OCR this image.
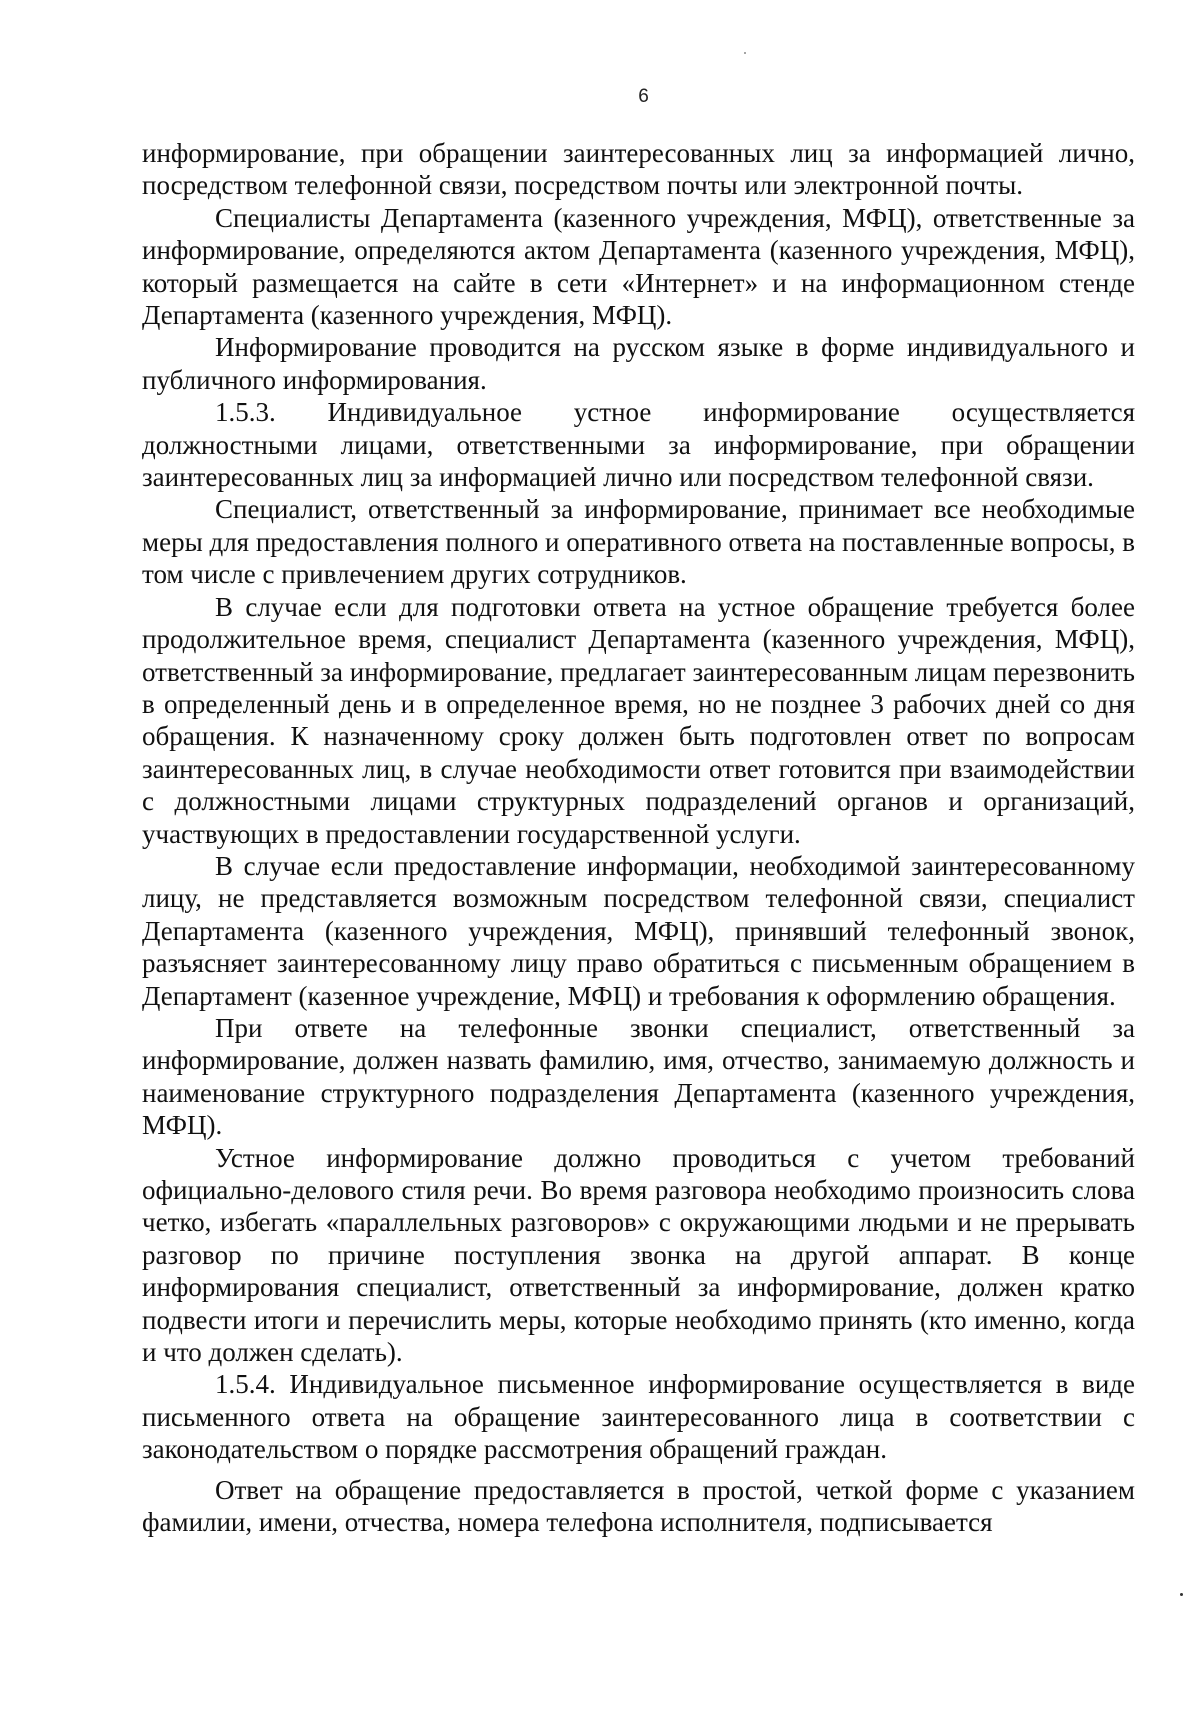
6

информирование, при обращении заинтересованных лиц за информацией лично, посредством телефонной связи, посредством почты или электронной почты.

Специалисты Департамента (казенного учреждения, МФЦ), ответственные за информирование, определяются актом Департамента (казенного учреждения, МФЦ), который размещается на сайте в сети «Интернет» и на информационном стенде Департамента (казенного учреждения, МФЦ).

Информирование проводится на русском языке в форме индивидуального и публичного информирования.

1.5.3. Индивидуальное устное информирование осуществляется должностными лицами, ответственными за информирование, при обращении заинтересованных лиц за информацией лично или посредством телефонной связи.

Специалист, ответственный за информирование, принимает все необходимые меры для предоставления полного и оперативного ответа на поставленные вопросы, в том числе с привлечением других сотрудников.

В случае если для подготовки ответа на устное обращение требуется более продолжительное время, специалист Департамента (казенного учреждения, МФЦ), ответственный за информирование, предлагает заинтересованным лицам перезвонить в определенный день и в определенное время, но не позднее 3 рабочих дней со дня обращения. К назначенному сроку должен быть подготовлен ответ по вопросам заинтересованных лиц, в случае необходимости ответ готовится при взаимодействии с должностными лицами структурных подразделений органов и организаций, участвующих в предоставлении государственной услуги.

В случае если предоставление информации, необходимой заинтересованному лицу, не представляется возможным посредством телефонной связи, специалист Департамента (казенного учреждения, МФЦ), принявший телефонный звонок, разъясняет заинтересованному лицу право обратиться с письменным обращением в Департамент (казенное учреждение, МФЦ) и требования к оформлению обращения.

При ответе на телефонные звонки специалист, ответственный за информирование, должен назвать фамилию, имя, отчество, занимаемую должность и наименование структурного подразделения Департамента (казенного учреждения, МФЦ).

Устное информирование должно проводиться с учетом требований официально-делового стиля речи. Во время разговора необходимо произносить слова четко, избегать «параллельных разговоров» с окружающими людьми и не прерывать разговор по причине поступления звонка на другой аппарат. В конце информирования специалист, ответственный за информирование, должен кратко подвести итоги и перечислить меры, которые необходимо принять (кто именно, когда и что должен сделать).

1.5.4. Индивидуальное письменное информирование осуществляется в виде письменного ответа на обращение заинтересованного лица в соответствии с законодательством о порядке рассмотрения обращений граждан.

Ответ на обращение предоставляется в простой, четкой форме с указанием фамилии, имени, отчества, номера телефона исполнителя, подписывается
